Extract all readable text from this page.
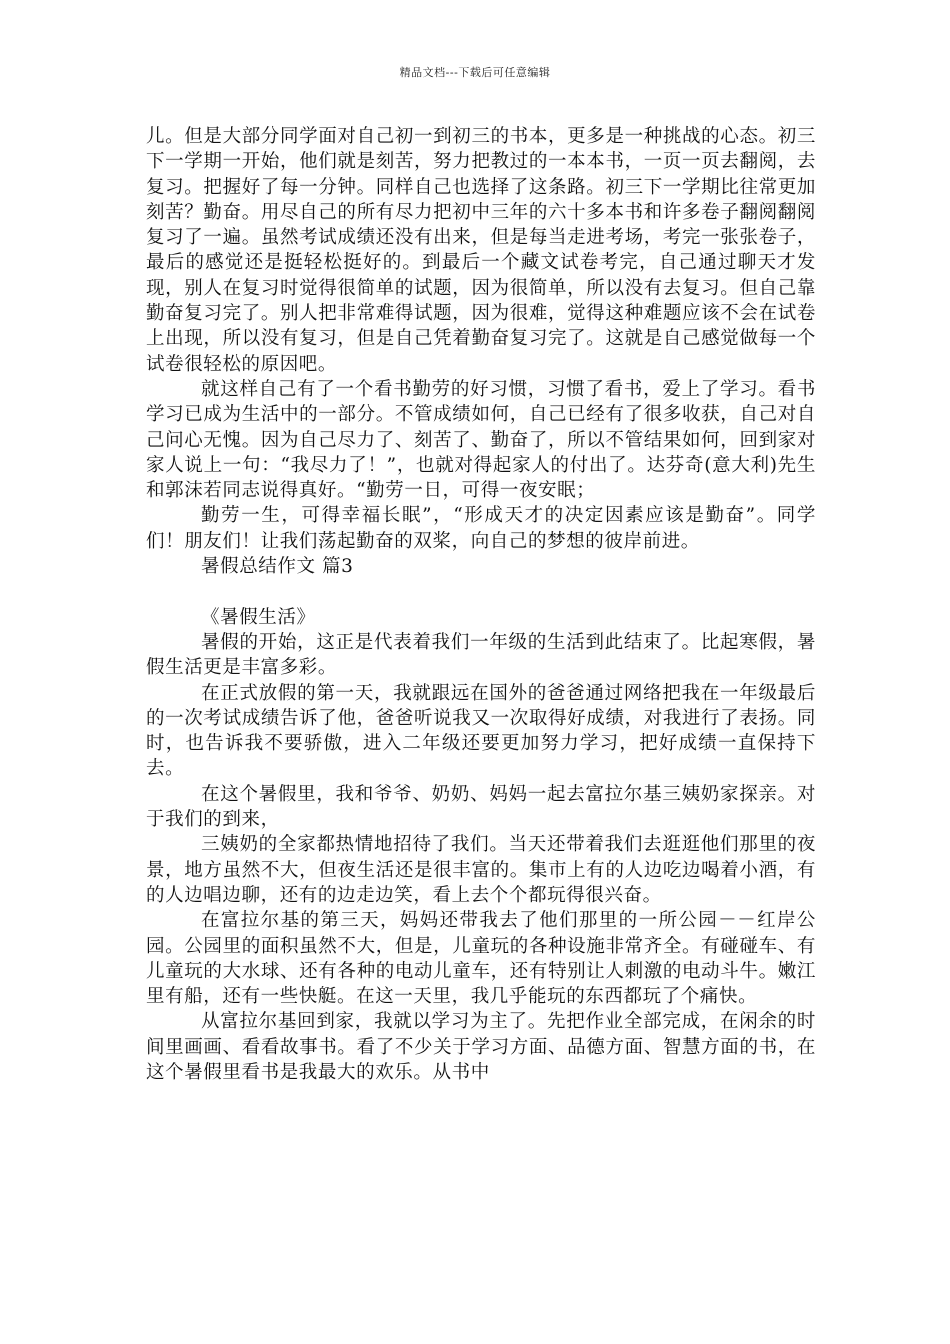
精品文档---下载后可任意编辑

儿。但是大部分同学面对自己初一到初三的书本，更多是一种挑战的心态。初三下一学期一开始，他们就是刻苦，努力把教过的一本本书，一页一页去翻阅，去复习。把握好了每一分钟。同样自己也选择了这条路。初三下一学期比往常更加刻苦？勤奋。用尽自己的所有尽力把初中三年的六十多本书和许多卷子翻阅翻阅复习了一遍。虽然考试成绩还没有出来，但是每当走进考场，考完一张张卷子，最后的感觉还是挺轻松挺好的。到最后一个藏文试卷考完，自己通过聊天才发现，别人在复习时觉得很简单的试题，因为很简单，所以没有去复习。但自己靠勤奋复习完了。别人把非常难得试题，因为很难，觉得这种难题应该不会在试卷上出现，所以没有复习，但是自己凭着勤奋复习完了。这就是自己感觉做每一个试卷很轻松的原因吧。

就这样自己有了一个看书勤劳的好习惯，习惯了看书，爱上了学习。看书学习已成为生活中的一部分。不管成绩如何，自己已经有了很多收获，自己对自己问心无愧。因为自己尽力了、刻苦了、勤奋了，所以不管结果如何，回到家对家人说上一句：“我尽力了！”，也就对得起家人的付出了。达芬奇(意大利)先生和郭沫若同志说得真好。“勤劳一日，可得一夜安眠；

勤劳一生，可得幸福长眠”，“形成天才的决定因素应该是勤奋”。同学们！朋友们！让我们荡起勤奋的双桨，向自己的梦想的彼岸前进。

暑假总结作文 篇3

《暑假生活》

暑假的开始，这正是代表着我们一年级的生活到此结束了。比起寒假，暑假生活更是丰富多彩。

在正式放假的第一天，我就跟远在国外的爸爸通过网络把我在一年级最后的一次考试成绩告诉了他，爸爸听说我又一次取得好成绩，对我进行了表扬。同时，也告诉我不要骄傲，进入二年级还要更加努力学习，把好成绩一直保持下去。

在这个暑假里，我和爷爷、奶奶、妈妈一起去富拉尔基三姨奶家探亲。对于我们的到来，

三姨奶的全家都热情地招待了我们。当天还带着我们去逛逛他们那里的夜景，地方虽然不大，但夜生活还是很丰富的。集市上有的人边吃边喝着小酒，有的人边唱边聊，还有的边走边笑，看上去个个都玩得很兴奋。

在富拉尔基的第三天，妈妈还带我去了他们那里的一所公园－－红岸公园。公园里的面积虽然不大，但是，儿童玩的各种设施非常齐全。有碰碰车、有儿童玩的大水球、还有各种的电动儿童车，还有特别让人刺激的电动斗牛。嫩江里有船，还有一些快艇。在这一天里，我几乎能玩的东西都玩了个痛快。

从富拉尔基回到家，我就以学习为主了。先把作业全部完成，在闲余的时间里画画、看看故事书。看了不少关于学习方面、品德方面、智慧方面的书，在这个暑假里看书是我最大的欢乐。从书中
